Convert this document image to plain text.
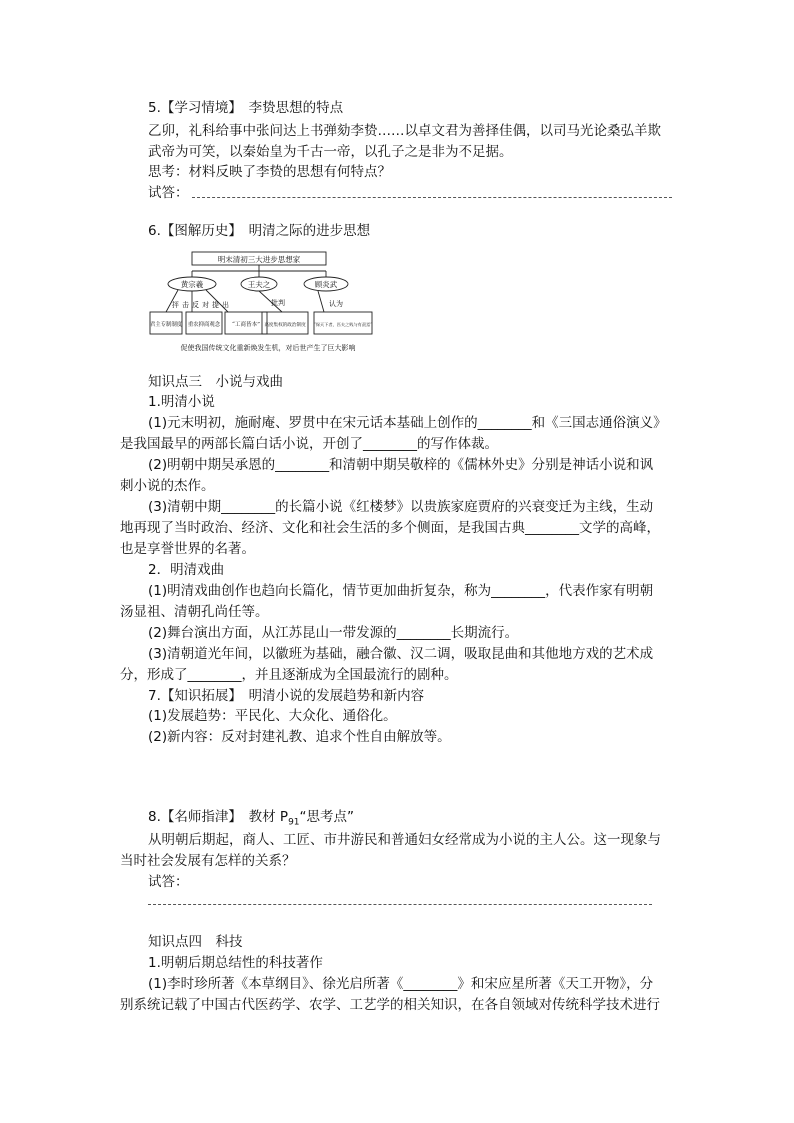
5.【学习情境】　李贽思想的特点
乙卯，礼科给事中张问达上书弹劾李贽……以卓文君为善择佳偶，以司马光论桑弘羊欺
武帝为可笑，以秦始皇为千古一帝，以孔子之是非为不足据。
思考：材料反映了李贽的思想有何特点？
试答：
6.【图解历史】　明清之际的进步思想
明末清初三大进步思想家
黄宗羲	王夫之	顾炎武
抨击反对提出	批判	认为
君主专制制度 重农抑商观念 “工商皆本” 高度集权的政治制度 “保天下者，匹夫之贱与有责焉”
促使我国传统文化重新焕发生机，对后世产生了巨大影响
知识点三　小说与戏曲
1.明清小说
(1)元末明初，施耐庵、罗贯中在宋元话本基础上创作的________和《三国志通俗演义》
是我国最早的两部长篇白话小说，开创了________的写作体裁。
(2)明朝中期吴承恩的________和清朝中期吴敬梓的《儒林外史》分别是神话小说和讽
刺小说的杰作。
(3)清朝中期________的长篇小说《红楼梦》以贵族家庭贾府的兴衰变迁为主线，生动
地再现了当时政治、经济、文化和社会生活的多个侧面，是我国古典________文学的高峰，
也是享誉世界的名著。
2．明清戏曲
(1)明清戏曲创作也趋向长篇化，情节更加曲折复杂，称为________，代表作家有明朝
汤显祖、清朝孔尚任等。
(2)舞台演出方面，从江苏昆山一带发源的________长期流行。
(3)清朝道光年间，以徽班为基础，融合徽、汉二调，吸取昆曲和其他地方戏的艺术成
分，形成了________，并且逐渐成为全国最流行的剧种。
7.【知识拓展】　明清小说的发展趋势和新内容
(1)发展趋势：平民化、大众化、通俗化。
(2)新内容：反对封建礼教、追求个性自由解放等。
8.【名师指津】　教材 $P_{91}“$思考点”
从明朝后期起，商人、工匠、市井游民和普通妇女经常成为小说的主人公。这一现象与
当时社会发展有怎样的关系？
试答：
知识点四　科技
1.明朝后期总结性的科技著作
(1)李时珍所著《本草纲目》、徐光启所著《________》和宋应星所著《天工开物》，分
别系统记载了中国古代医药学、农学、工艺学的相关知识，在各自领域对传统科学技术进行
